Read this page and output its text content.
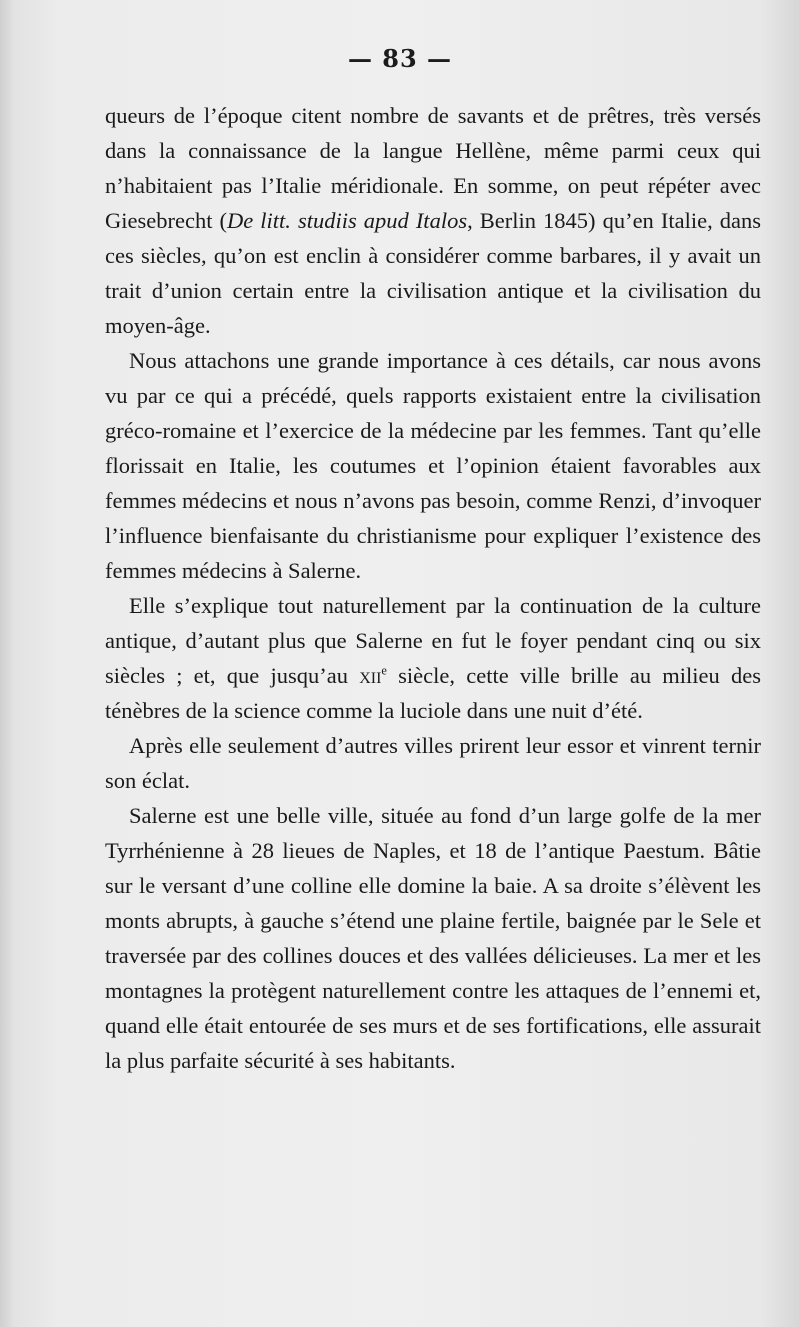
— 83 —

queurs de l’époque citent nombre de savants et de prêtres, très versés dans la connaissance de la langue Hellène, même parmi ceux qui n’habitaient pas l’Italie méridionale. En somme, on peut répéter avec Giesebrecht (De litt. studiis apud Italos, Berlin 1845) qu’en Italie, dans ces siècles, qu’on est enclin à considérer comme barbares, il y avait un trait d’union certain entre la civilisation antique et la civilisation du moyen-âge.

Nous attachons une grande importance à ces détails, car nous avons vu par ce qui a précédé, quels rapports existaient entre la civilisation gréco-romaine et l’exercice de la médecine par les femmes. Tant qu’elle florissait en Italie, les coutumes et l’opinion étaient favorables aux femmes médecins et nous n’avons pas besoin, comme Renzi, d’invoquer l’influence bienfaisante du christianisme pour expliquer l’existence des femmes médecins à Salerne.

Elle s’explique tout naturellement par la continuation de la culture antique, d’autant plus que Salerne en fut le foyer pendant cinq ou six siècles ; et, que jusqu’au xii$^e$ siècle, cette ville brille au milieu des ténèbres de la science comme la luciole dans une nuit d’été.

Après elle seulement d’autres villes prirent leur essor et vinrent ternir son éclat.

Salerne est une belle ville, située au fond d’un large golfe de la mer Tyrrhénienne à 28 lieues de Naples, et 18 de l’antique Paestum. Bâtie sur le versant d’une colline elle domine la baie. A sa droite s’élèvent les monts abrupts, à gauche s’étend une plaine fertile, baignée par le Sele et traversée par des collines douces et des vallées délicieuses. La mer et les montagnes la protègent naturellement contre les attaques de l’ennemi et, quand elle était entourée de ses murs et de ses fortifications, elle assurait la plus parfaite sécurité à ses habitants.
